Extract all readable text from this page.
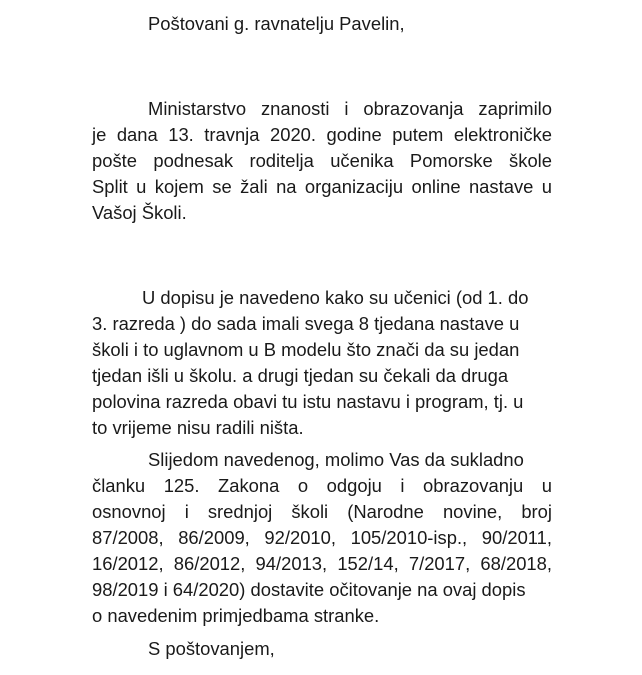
Poštovani g. ravnatelju Pavelin,
Ministarstvo znanosti i obrazovanja zaprimilo
je dana 13. travnja 2020. godine putem elektroničke
pošte podnesak roditelja učenika Pomorske škole
Split u kojem se žali na organizaciju online nastave u
Vašoj Školi.
U dopisu je navedeno kako su učenici (od 1. do
3. razreda ) do sada imali svega 8 tjedana nastave u
školi i to uglavnom u B modelu što znači da su jedan
tjedan išli u školu. a drugi tjedan su čekali da druga
polovina razreda obavi tu istu nastavu i program, tj. u
to vrijeme nisu radili ništa.
Slijedom navedenog, molimo Vas da sukladno
članku 125. Zakona o odgoju i obrazovanju u
osnovnoj i srednjoj školi (Narodne novine, broj
87/2008, 86/2009, 92/2010, 105/2010-isp., 90/2011,
16/2012, 86/2012, 94/2013, 152/14, 7/2017, 68/2018,
98/2019 i 64/2020) dostavite očitovanje na ovaj dopis
o navedenim primjedbama stranke.
S poštovanjem,
